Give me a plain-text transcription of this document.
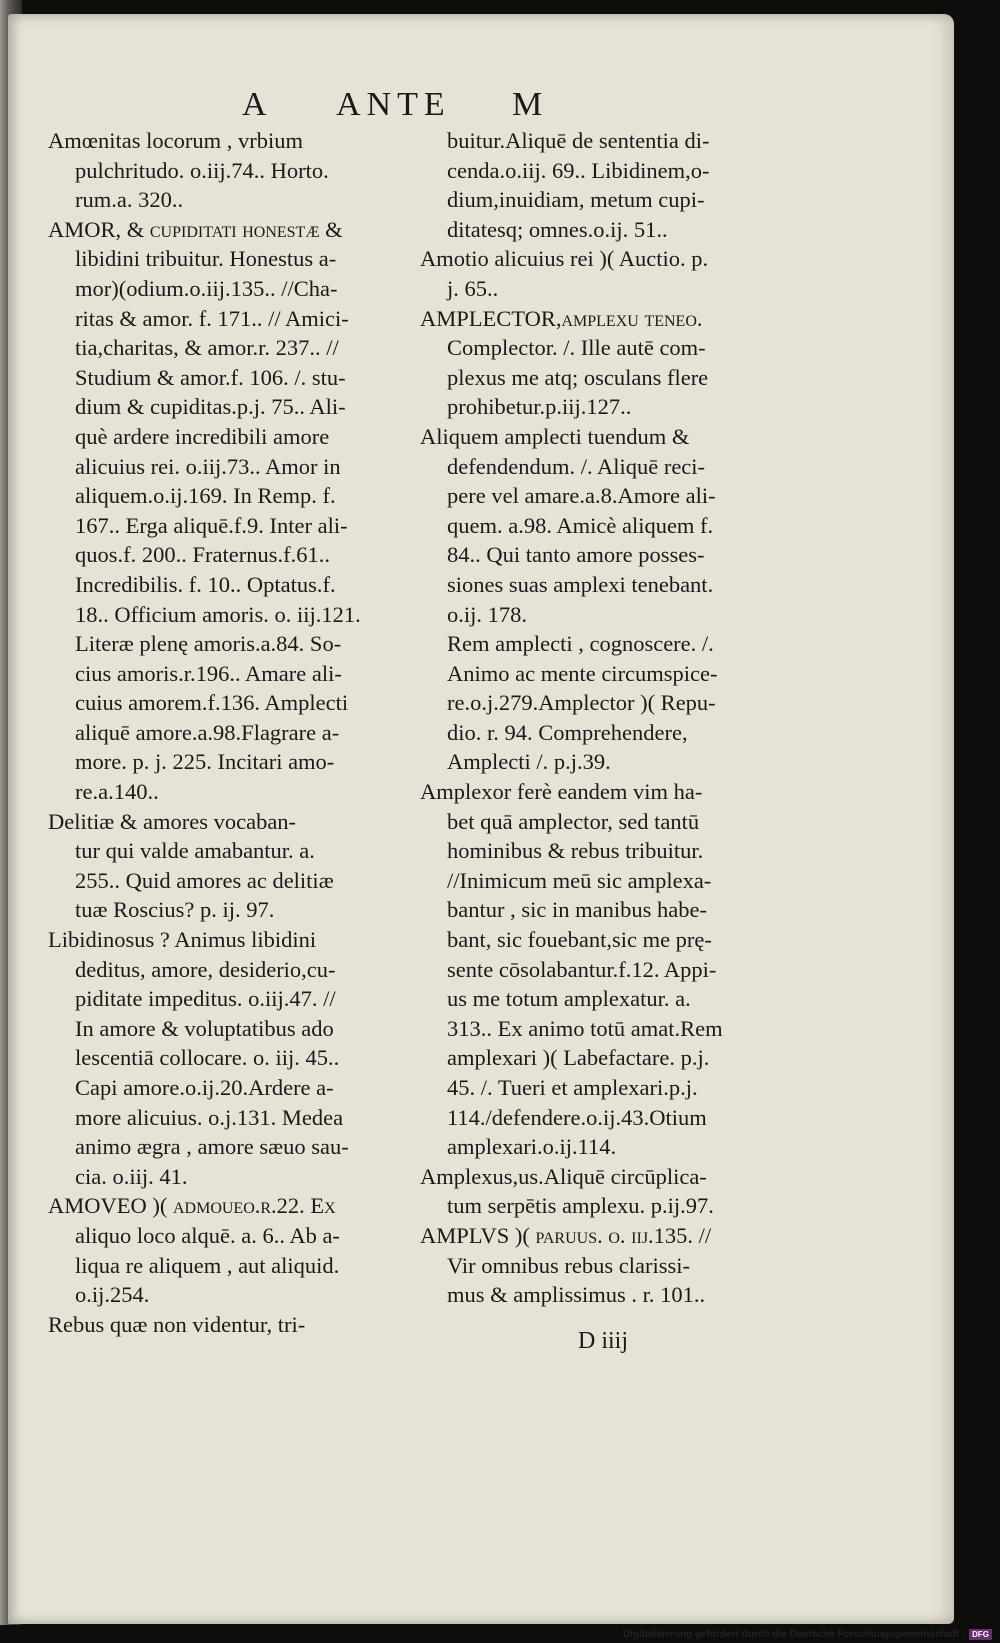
A ANTE M
Amœnitas locorum , vrbium
pulchritudo. o.iij.74.. Horto.
rum.a. 320..
AMOR, & cupiditati honestæ &
libidini tribuitur. Honestus a-
mor)(odium.o.iij.135.. //Cha-
ritas & amor. f. 171.. // Amici-
tia,charitas, & amor.r. 237.. //
Studium & amor.f. 106. /. stu-
dium & cupiditas.p.j. 75.. Ali-
què ardere incredibili amore
alicuius rei. o.iij.73.. Amor in
aliquem.o.ij.169. In Remp. f.
167.. Erga aliquē.f.9. Inter ali-
quos.f. 200.. Fraternus.f.61..
Incredibilis. f. 10.. Optatus.f.
18.. Officium amoris. o. iij.121.
Literæ plenę amoris.a.84. So-
cius amoris.r.196.. Amare ali-
cuius amorem.f.136. Amplecti
aliquē amore.a.98.Flagrare a-
more. p. j. 225. Incitari amo-
re.a.140..
Delitiæ & amores vocaban-
tur qui valde amabantur. a.
255.. Quid amores ac delitiæ
tuæ Roscius? p. ij. 97.
Libidinosus ? Animus libidini
deditus, amore, desiderio,cu-
piditate impeditus. o.iij.47. //
In amore & voluptatibus ado
lescentiā collocare. o. iij. 45..
Capi amore.o.ij.20.Ardere a-
more alicuius. o.j.131. Medea
animo ægra , amore sæuo sau-
cia. o.iij. 41.
AMOVEO )( admoueo.r.22. Ex
aliquo loco alquē. a. 6.. Ab a-
liqua re aliquem , aut aliquid.
o.ij.254.
Rebus quæ non videntur, tri-
buitur.Aliquē de sententia di-
cenda.o.iij. 69.. Libidinem,o-
dium,inuidiam, metum cupi-
ditatesq; omnes.o.ij. 51..
Amotio alicuius rei )( Auctio. p.
j. 65..
AMPLECTOR,amplexu teneo.
Complector. /. Ille autē com-
plexus me atq; osculans flere
prohibetur.p.iij.127..
Aliquem amplecti tuendum &
defendendum. /. Aliquē reci-
pere vel amare.a.8.Amore ali-
quem. a.98. Amicè aliquem f.
84.. Qui tanto amore posses-
siones suas amplexi tenebant.
o.ij. 178.
Rem amplecti , cognoscere. /.
Animo ac mente circumspice-
re.o.j.279.Amplector )( Repu-
dio. r. 94. Comprehendere,
Amplecti /. p.j.39.
Amplexor ferè eandem vim ha-
bet quā amplector, sed tantū
hominibus & rebus tribuitur.
//Inimicum meū sic amplexa-
bantur , sic in manibus habe-
bant, sic fouebant,sic me prę-
sente cōsolabantur.f.12. Appi-
us me totum amplexatur. a.
313.. Ex animo totū amat.Rem
amplexari )( Labefactare. p.j.
45. /. Tueri et amplexari.p.j.
114./defendere.o.ij.43.Otium
amplexari.o.ij.114.
Amplexus,us.Aliquē circūplica-
tum serpētis amplexu. p.ij.97.
AMPLVS )( paruus. o. iij.135. //
Vir omnibus rebus clarissi-
mus & amplissimus . r. 101..
D iiij
Digitalisierung gefördert durch die Deutsche Forschungsgemeinschaft - DFG
